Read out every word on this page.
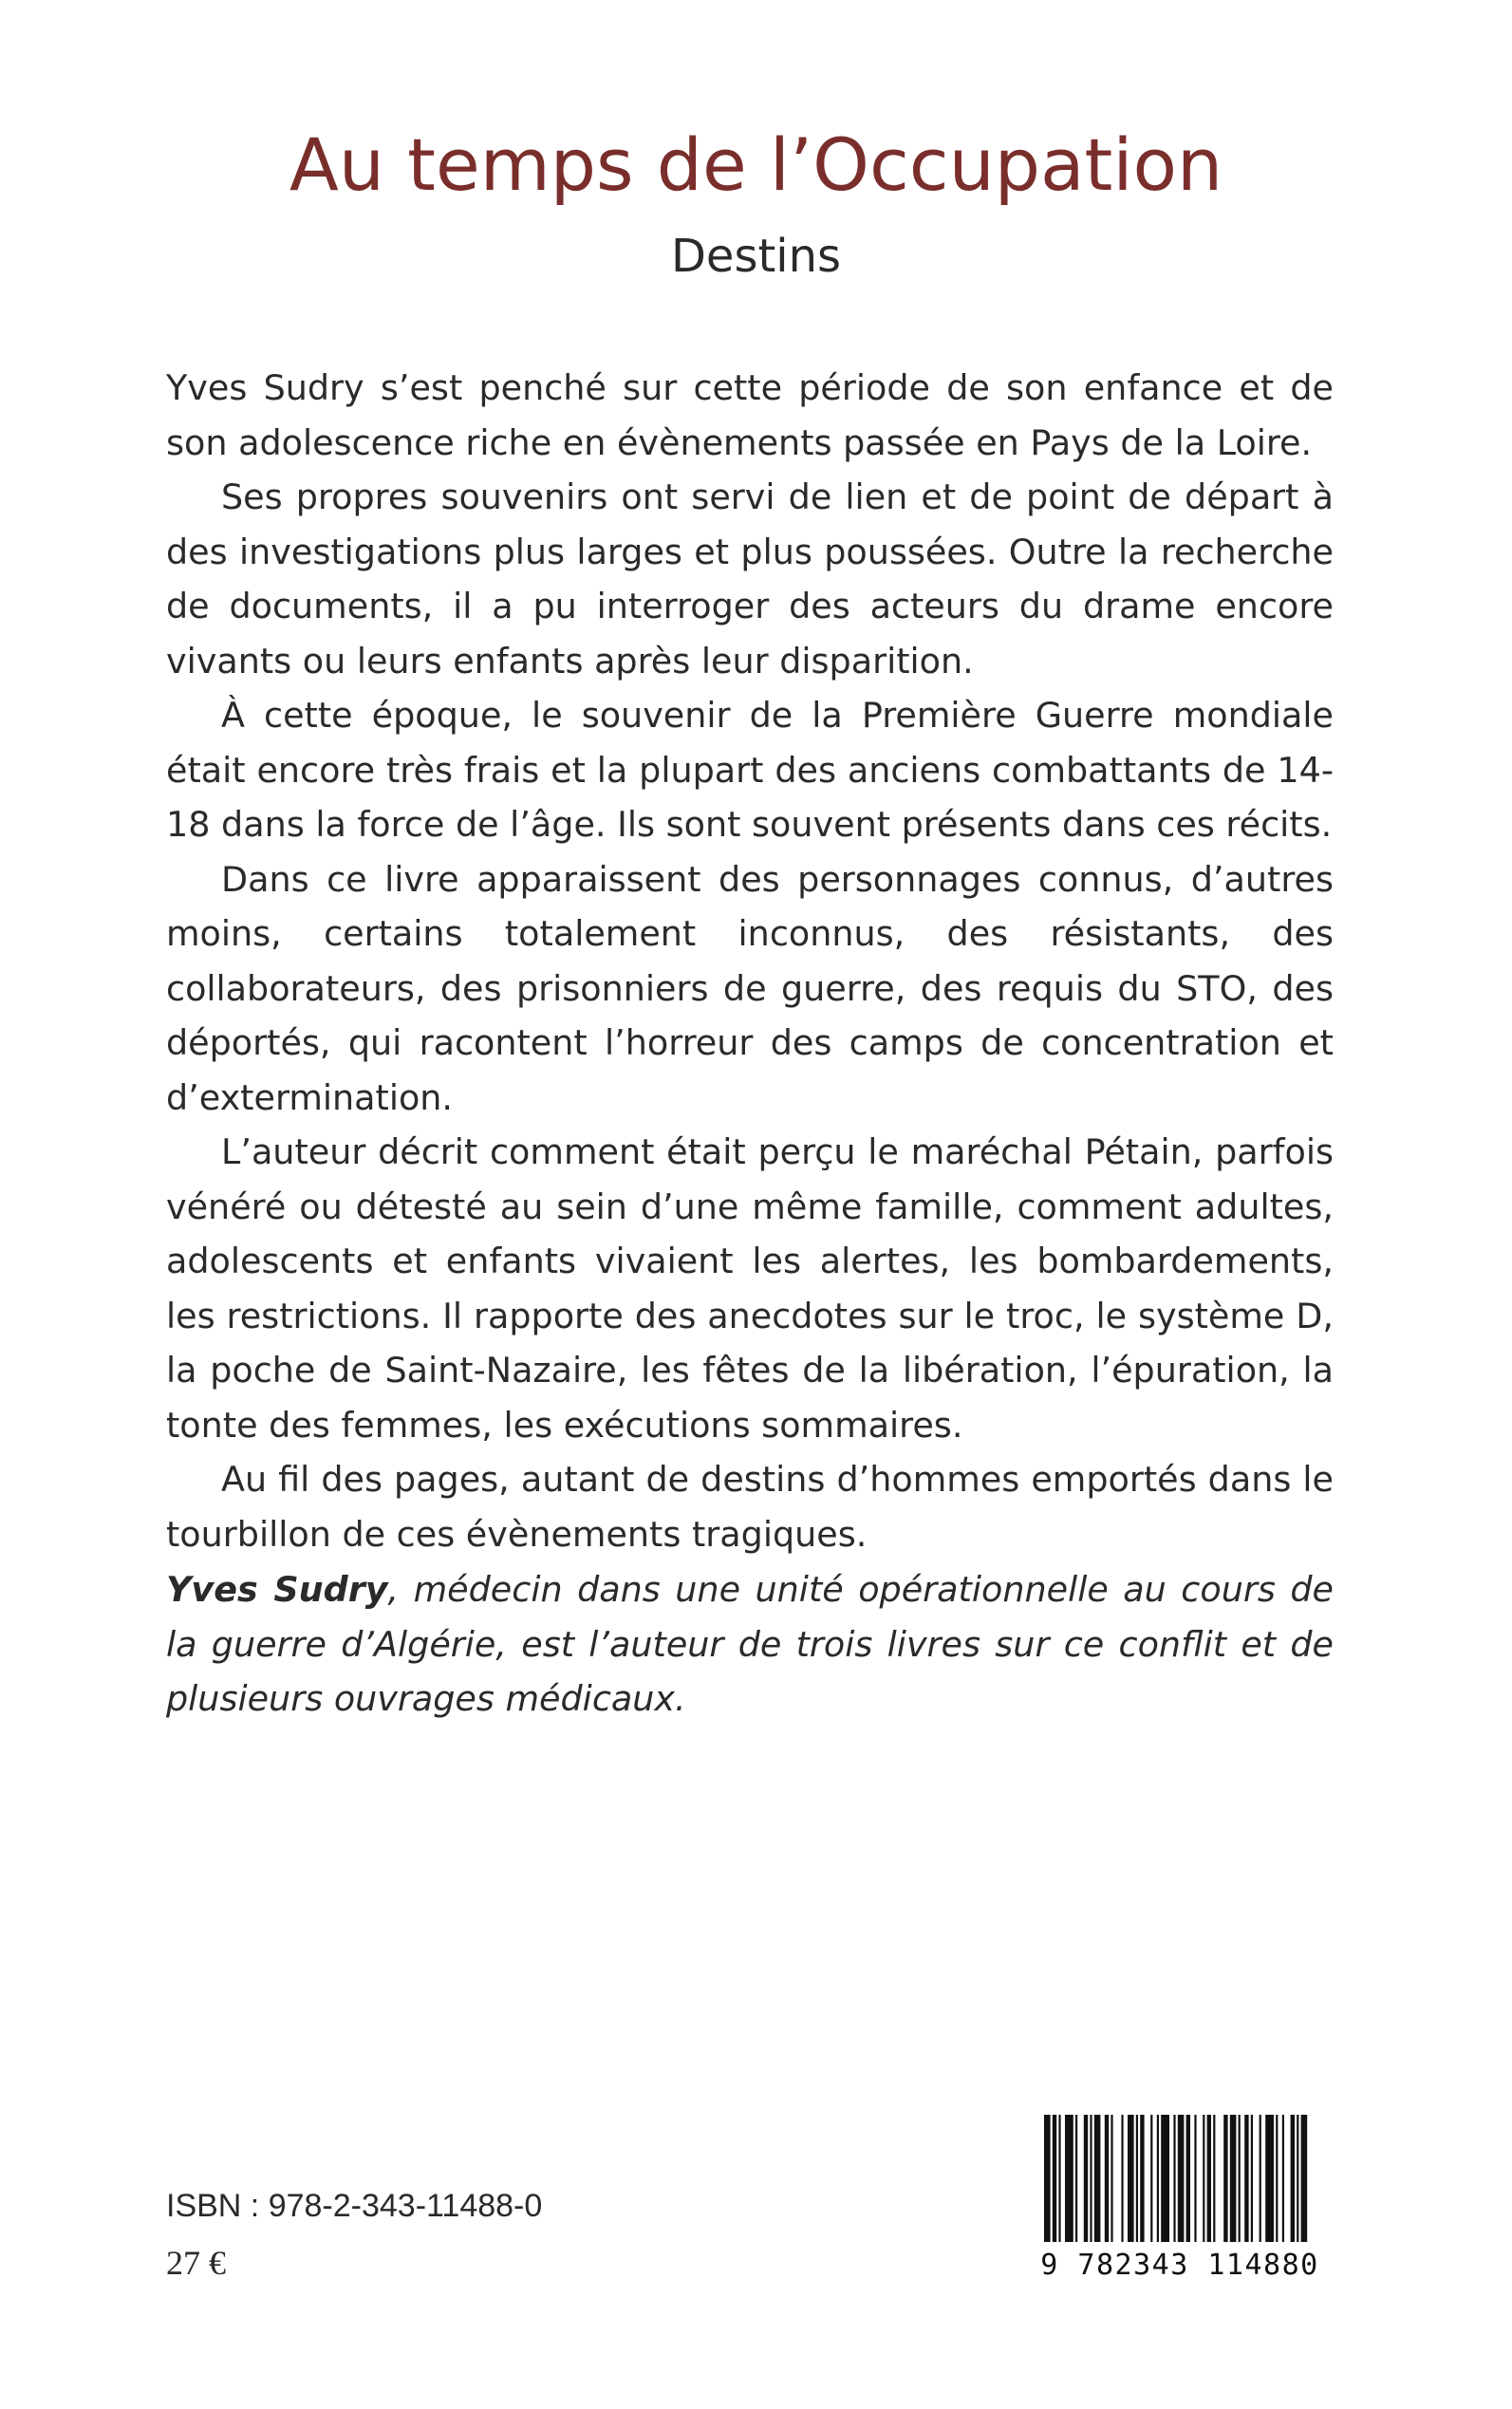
Au temps de l’Occupation
Destins

Yves Sudry s’est penché sur cette période de son enfance et de son adolescence riche en évènements passée en Pays de la Loire.

Ses propres souvenirs ont servi de lien et de point de départ à des investigations plus larges et plus poussées. Outre la recherche de documents, il a pu interroger des acteurs du drame encore vivants ou leurs enfants après leur disparition.

À cette époque, le souvenir de la Première Guerre mondiale était encore très frais et la plupart des anciens combattants de 14-18 dans la force de l’âge. Ils sont souvent présents dans ces récits.

Dans ce livre apparaissent des personnages connus, d’autres moins, certains totalement inconnus, des résistants, des collaborateurs, des prisonniers de guerre, des requis du STO, des déportés, qui racontent l’horreur des camps de concentration et d’extermination.

L’auteur décrit comment était perçu le maréchal Pétain, parfois vénéré ou détesté au sein d’une même famille, comment adultes, adolescents et enfants vivaient les alertes, les bombardements, les restrictions. Il rapporte des anecdotes sur le troc, le système D, la poche de Saint-Nazaire, les fêtes de la libération, l’épuration, la tonte des femmes, les exécutions sommaires.

Au fil des pages, autant de destins d’hommes emportés dans le tourbillon de ces évènements tragiques.

Yves Sudry, médecin dans une unité opérationnelle au cours de la guerre d’Algérie, est l’auteur de trois livres sur ce conflit et de plusieurs ouvrages médicaux.

ISBN : 978-2-343-11488-0

27 €	9 782343 114880
